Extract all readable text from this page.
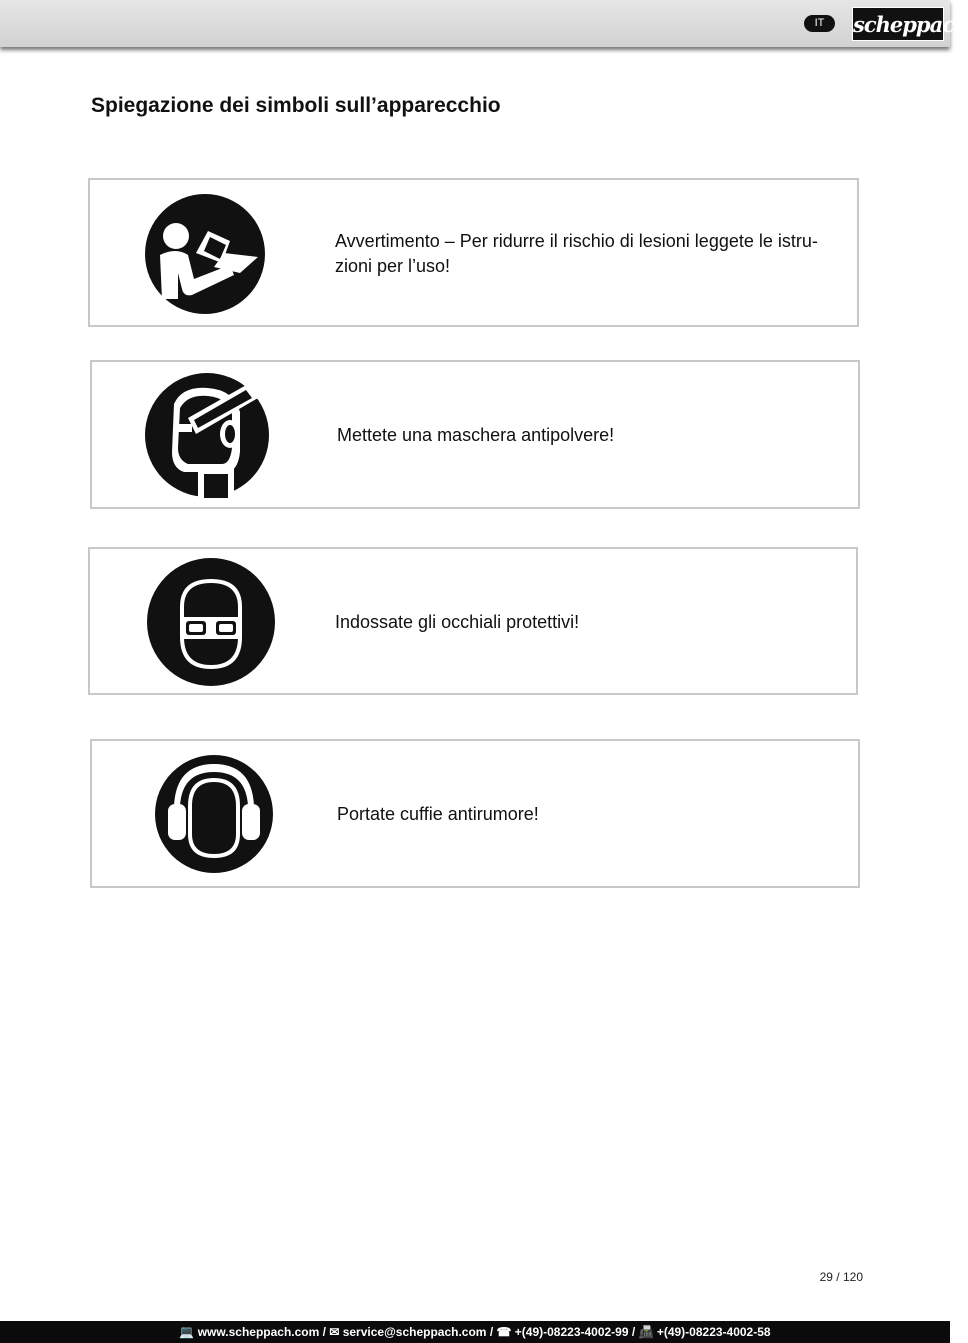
IT	scheppach
Spiegazione dei simboli sull’apparecchio

Avvertimento – Per ridurre il rischio di lesioni leggete le istru-
zioni per l’uso!

Mettete una maschera antipolvere!

Indossate gli occhiali protettivi!

Portate cuffie antirumore!

29 / 120
💻 www.scheppach.com / ✉ service@scheppach.com / ☎ +(49)-08223-4002-99 / 📠 +(49)-08223-4002-58
